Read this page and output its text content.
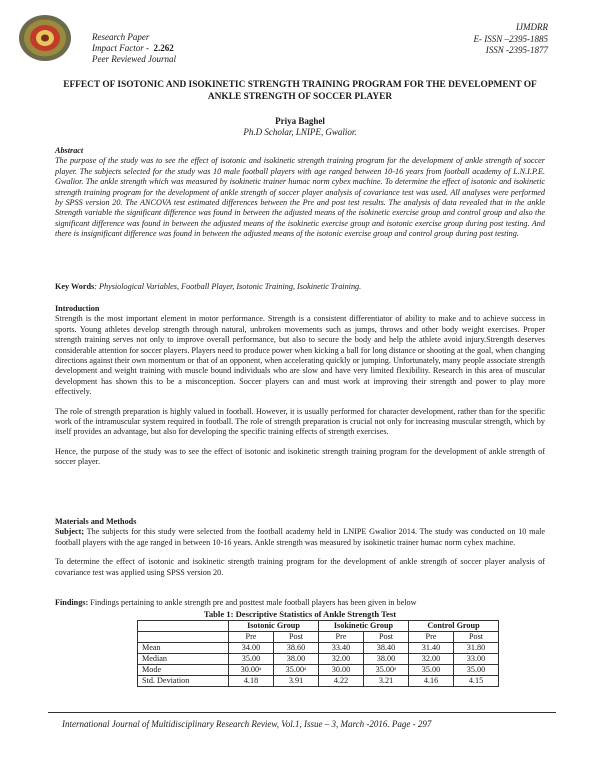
Research Paper
Impact Factor - 2.262
Peer Reviewed Journal
IJMDRR
E- ISSN –2395-1885
ISSN -2395-1877
EFFECT OF ISOTONIC AND ISOKINETIC STRENGTH TRAINING PROGRAM FOR THE DEVELOPMENT OF ANKLE STRENGTH OF SOCCER PLAYER
Priya Baghel
Ph.D Scholar, LNIPE, Gwalior.
Abstract

The purpose of the study was to see the effect of isotonic and isokinetic strength training program for the development of ankle strength of soccer player. The subjects selected for the study was 10 male football players with age ranged between 10-16 years from football academy of L.N.I.P.E. Gwalior. The ankle strength which was measured by isokinetic trainer humac norm cybex machine. To determine the effect of isotonic and isokinetic strength training program for the development of ankle strength of soccer player analysis of covariance test was used. All analyses were performed by SPSS version 20. The ANCOVA test estimated differences between the Pre and post test results. The analysis of data revealed that in the ankle Strength variable the significant difference was found in between the adjusted means of the isokinetic exercise group and control group and also the significant difference was found in between the adjusted means of the isokinetic exercise group and isotonic exercise group during post testing. And there is insignificant difference was found in between the adjusted means of the isotonic exercise group and control group during post testing.

Key Words: Physiological Variables, Football Player, Isotonic Training, Isokinetic Training.
Introduction

Strength is the most important element in motor performance. Strength is a consistent differentiator of ability to make and to achieve success in sports. Young athletes develop strength through natural, unbroken movements such as jumps, throws and other body weight exercises. Proper strength training serves not only to improve overall performance, but also to secure the body and help the athlete avoid injury.Strength deserves considerable attention for soccer players. Players need to produce power when kicking a ball for long distance or shooting at the goal, when changing directions against their own momentum or that of an opponent, when accelerating quickly or jumping. Unfortunately, many people associate strength development and weight training with muscle bound individuals who are slow and have very limited flexibility. Research in this area of muscular development has shown this to be a misconception. Soccer players can and must work at improving their strength and power to play more effectively.

The role of strength preparation is highly valued in football. However, it is usually performed for character development, rather than for the specific work of the intramuscular system required in football. The role of strength preparation is crucial not only for increasing muscular strength, which by itself provides an advantage, but also for developing the specific training effects of strength exercises.

Hence, the purpose of the study was to see the effect of isotonic and isokinetic strength training program for the development of ankle strength of soccer player.

Materials and Methods

Subject; The subjects for this study were selected from the football academy held in LNIPE Gwalior 2014. The study was conducted on 10 male football players with the age ranged in between 10-16 years. Ankle strength was measured by isokinetic trainer humac norm cybex machine.

To determine the effect of isotonic and isokinetic strength training program for the development of ankle strength of soccer player analysis of covariance test was applied using SPSS version 20.

Findings: Findings pertaining to ankle strength pre and posttest male football players has been given in below
Table 1: Descriptive Statistics of Ankle Strength Test
	Isotonic Group		Isokinetic Group		Control Group	
	Pre	Post	Pre	Post	Pre	Post
Mean	34.00	38.60	33.40	38.40	31.40	31.80
Median	35.00	38.00	32.00	38.00	32.00	33.00
Mode	30.00ᵃ	35.00ᵃ	30.00	35.00ᵃ	35.00	35.00
Std. Deviation	4.18	3.91	4.22	3.21	4.16	4.15
International Journal of Multidisciplinary Research Review, Vol.1, Issue – 3, March -2016. Page - 297
